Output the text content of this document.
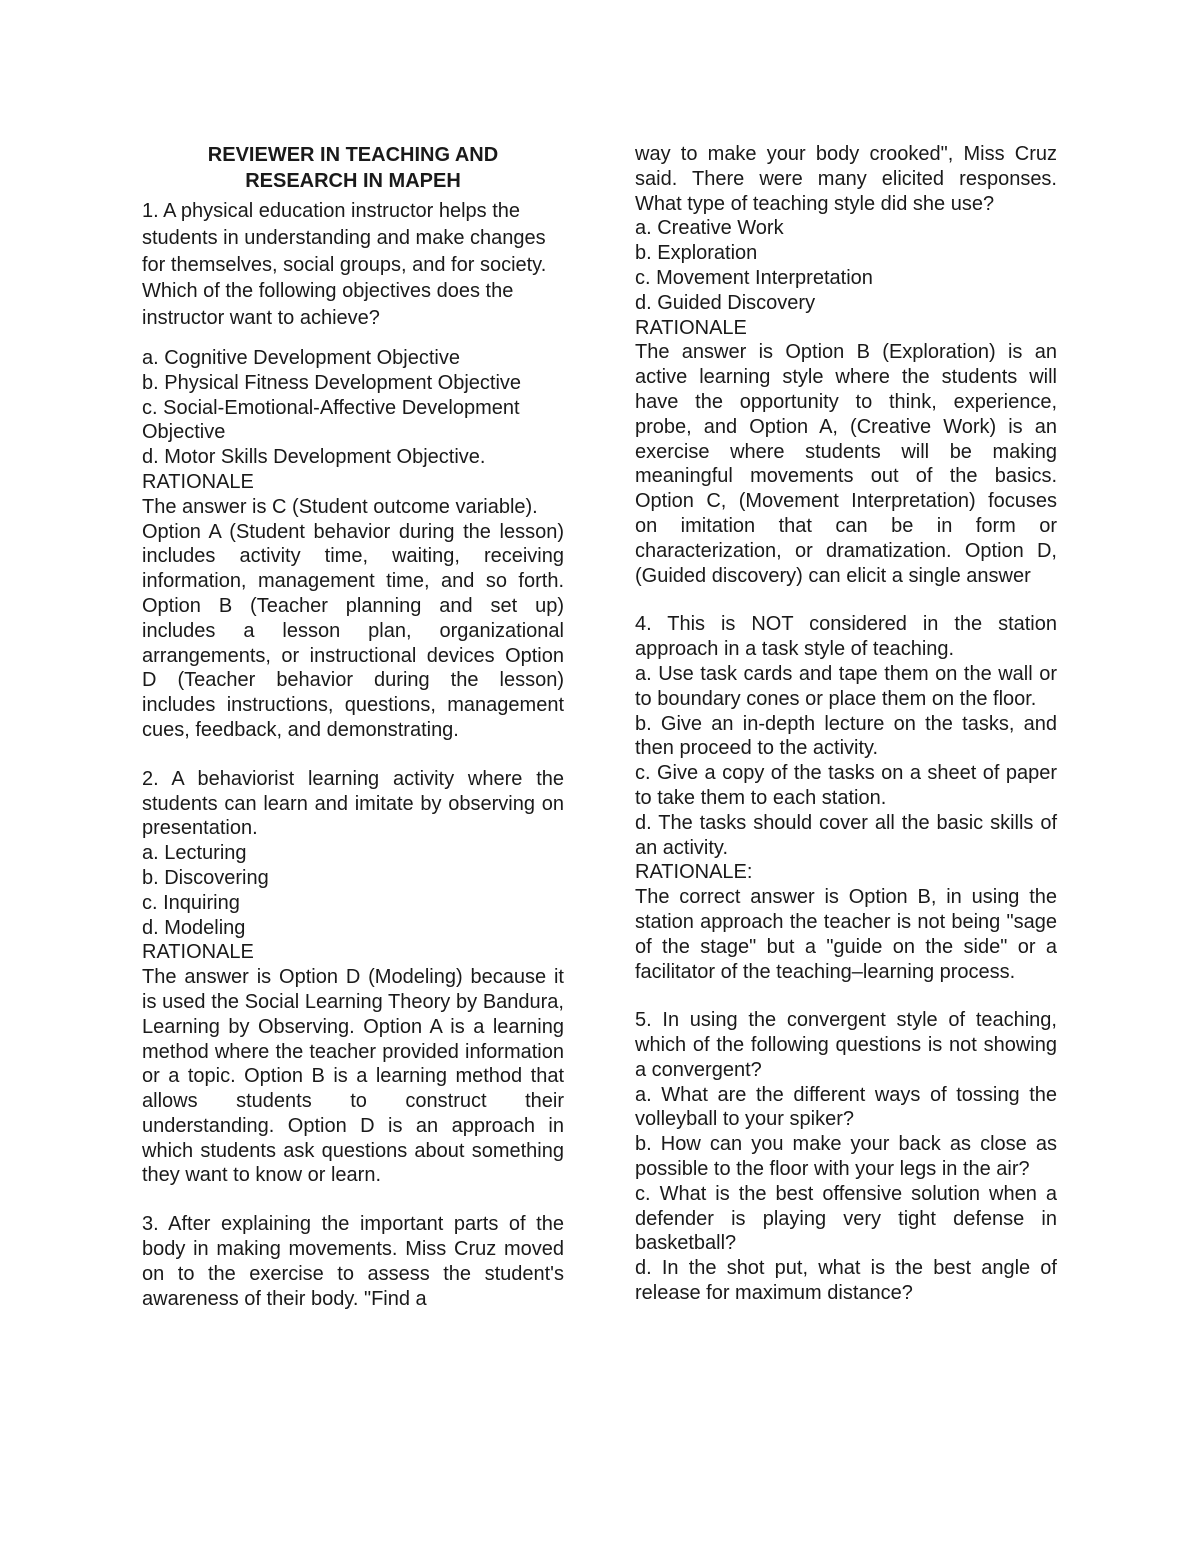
REVIEWER IN TEACHING AND
RESEARCH IN MAPEH
1. A physical education instructor helps the students in understanding and make changes for themselves, social groups, and for society. Which of the following objectives does the instructor want to achieve?
a. Cognitive Development Objective
b. Physical Fitness Development Objective
c. Social-Emotional-Affective Development Objective
d. Motor Skills Development Objective.
RATIONALE
The answer is C (Student outcome variable).
Option A (Student behavior during the lesson) includes activity time, waiting, receiving information, management time, and so forth. Option B (Teacher planning and set up) includes a lesson plan, organizational arrangements, or instructional devices Option D (Teacher behavior during the lesson) includes instructions, questions, management cues, feedback, and demonstrating.
2. A behaviorist learning activity where the students can learn and imitate by observing on presentation.
a. Lecturing
b. Discovering
c. Inquiring
d. Modeling
RATIONALE
The answer is Option D (Modeling) because it is used the Social Learning Theory by Bandura, Learning by Observing. Option A is a learning method where the teacher provided information or a topic. Option B is a learning method that allows students to construct their understanding. Option D is an approach in which students ask questions about something they want to know or learn.
3. After explaining the important parts of the body in making movements. Miss Cruz moved on to the exercise to assess the student's awareness of their body. "Find a
way to make your body crooked", Miss Cruz said. There were many elicited responses. What type of teaching style did she use?
a. Creative Work
b. Exploration
c. Movement Interpretation
d. Guided Discovery
RATIONALE
The answer is Option B (Exploration) is an active learning style where the students will have the opportunity to think, experience, probe, and Option A, (Creative Work) is an exercise where students will be making meaningful movements out of the basics. Option C, (Movement Interpretation) focuses on imitation that can be in form or characterization, or dramatization. Option D, (Guided discovery) can elicit a single answer
4. This is NOT considered in the station approach in a task style of teaching.
a. Use task cards and tape them on the wall or to boundary cones or place them on the floor.
b. Give an in-depth lecture on the tasks, and then proceed to the activity.
c. Give a copy of the tasks on a sheet of paper to take them to each station.
d. The tasks should cover all the basic skills of an activity.
RATIONALE:
The correct answer is Option B, in using the station approach the teacher is not being "sage of the stage" but a "guide on the side" or a facilitator of the teaching–learning process.
5. In using the convergent style of teaching, which of the following questions is not showing a convergent?
a. What are the different ways of tossing the volleyball to your spiker?
b. How can you make your back as close as possible to the floor with your legs in the air?
c. What is the best offensive solution when a defender is playing very tight defense in basketball?
d. In the shot put, what is the best angle of release for maximum distance?
